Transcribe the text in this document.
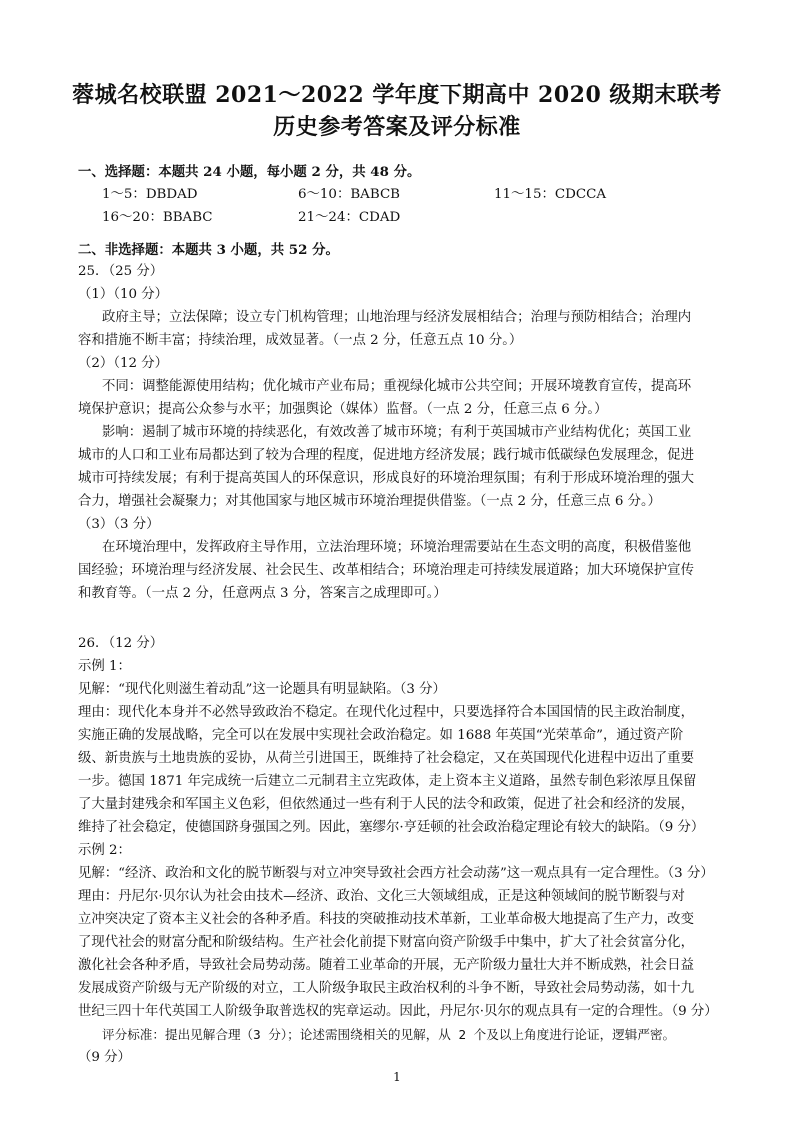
蓉城名校联盟 2021～2022 学年度下期高中 2020 级期末联考
历史参考答案及评分标准
一、选择题：本题共 24 小题，每小题 2 分，共 48 分。
1～5：DBDAD	6～10：BABCB	11～15：CDCCA
16～20：BBABC	21～24：CDAD
二、非选择题：本题共 3 小题，共 52 分。
25．（25 分）
（1）（10 分）
政府主导；立法保障；设立专门机构管理；山地治理与经济发展相结合；治理与预防相结合；治理内
容和措施不断丰富；持续治理，成效显著。（一点 2 分，任意五点 10 分。）
（2）（12 分）
不同：调整能源使用结构；优化城市产业布局；重视绿化城市公共空间；开展环境教育宣传，提高环
境保护意识；提高公众参与水平；加强舆论（媒体）监督。（一点 2 分，任意三点 6 分。）
影响：遏制了城市环境的持续恶化，有效改善了城市环境；有利于英国城市产业结构优化；英国工业
城市的人口和工业布局都达到了较为合理的程度，促进地方经济发展；践行城市低碳绿色发展理念，促进
城市可持续发展；有利于提高英国人的环保意识，形成良好的环境治理氛围；有利于形成环境治理的强大
合力，增强社会凝聚力；对其他国家与地区城市环境治理提供借鉴。（一点 2 分，任意三点 6 分。）
（3）（3 分）
在环境治理中，发挥政府主导作用，立法治理环境；环境治理需要站在生态文明的高度，积极借鉴他
国经验；环境治理与经济发展、社会民生、改革相结合；环境治理走可持续发展道路；加大环境保护宣传
和教育等。（一点 2 分，任意两点 3 分，答案言之成理即可。）
26．（12 分）
示例 1：
见解：“现代化则滋生着动乱”这一论题具有明显缺陷。（3 分）
理由：现代化本身并不必然导致政治不稳定。在现代化过程中，只要选择符合本国国情的民主政治制度，
实施正确的发展战略，完全可以在发展中实现社会政治稳定。如 1688 年英国“光荣革命”，通过资产阶
级、新贵族与土地贵族的妥协，从荷兰引进国王，既维持了社会稳定，又在英国现代化进程中迈出了重要
一步。德国 1871 年完成统一后建立二元制君主立宪政体，走上资本主义道路，虽然专制色彩浓厚且保留
了大量封建残余和军国主义色彩，但依然通过一些有利于人民的法令和政策，促进了社会和经济的发展，
维持了社会稳定，使德国跻身强国之列。因此，塞缪尔·亨廷顿的社会政治稳定理论有较大的缺陷。（9 分）
示例 2：
见解：“经济、政治和文化的脱节断裂与对立冲突导致社会西方社会动荡”这一观点具有一定合理性。（3 分）
理由：丹尼尔·贝尔认为社会由技术—经济、政治、文化三大领域组成，正是这种领域间的脱节断裂与对
立冲突决定了资本主义社会的各种矛盾。科技的突破推动技术革新，工业革命极大地提高了生产力，改变
了现代社会的财富分配和阶级结构。生产社会化前提下财富向资产阶级手中集中，扩大了社会贫富分化，
激化社会各种矛盾，导致社会局势动荡。随着工业革命的开展，无产阶级力量壮大并不断成熟，社会日益
发展成资产阶级与无产阶级的对立，工人阶级争取民主政治权利的斗争不断，导致社会局势动荡，如十九
世纪三四十年代英国工人阶级争取普选权的宪章运动。因此，丹尼尔·贝尔的观点具有一定的合理性。（9 分）
评分标准：提出见解合理（3 分）；论述需围绕相关的见解，从 2 个及以上角度进行论证，逻辑严密。
（9 分）
1
